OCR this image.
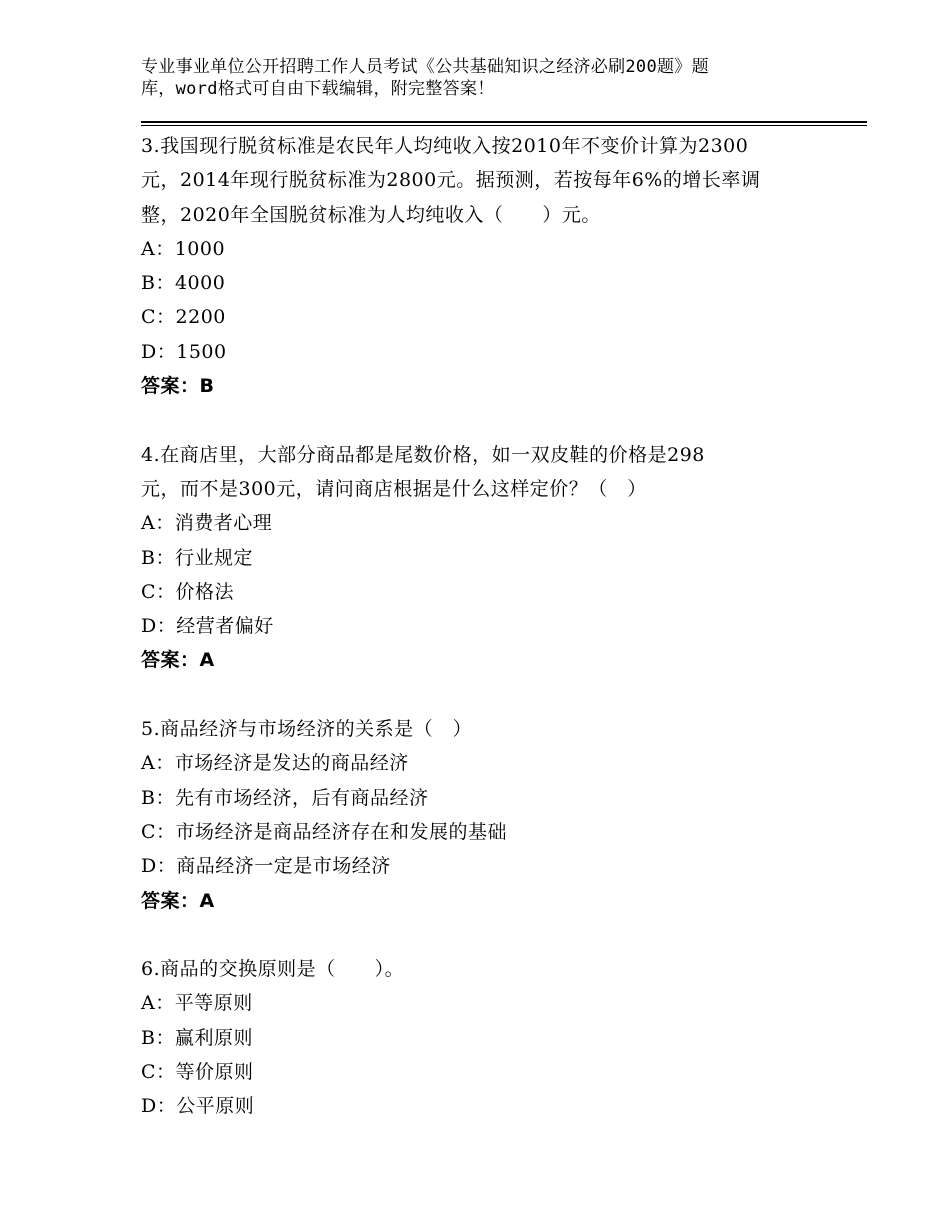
专业事业单位公开招聘工作人员考试《公共基础知识之经济必刷200题》题
库，word格式可自由下载编辑，附完整答案！
3.我国现行脱贫标准是农民年人均纯收入按2010年不变价计算为2300
元，2014年现行脱贫标准为2800元。据预测，若按每年6%的增长率调
整，2020年全国脱贫标准为人均纯收入（　　）元。
A：1000
B：4000
C：2200
D：1500
答案：B
4.在商店里，大部分商品都是尾数价格，如一双皮鞋的价格是298
元，而不是300元，请问商店根据是什么这样定价？（　）
A：消费者心理
B：行业规定
C：价格法
D：经营者偏好
答案：A
5.商品经济与市场经济的关系是（　）
A：市场经济是发达的商品经济
B：先有市场经济，后有商品经济
C：市场经济是商品经济存在和发展的基础
D：商品经济一定是市场经济
答案：A
6.商品的交换原则是（　　）。
A：平等原则
B：赢利原则
C：等价原则
D：公平原则
